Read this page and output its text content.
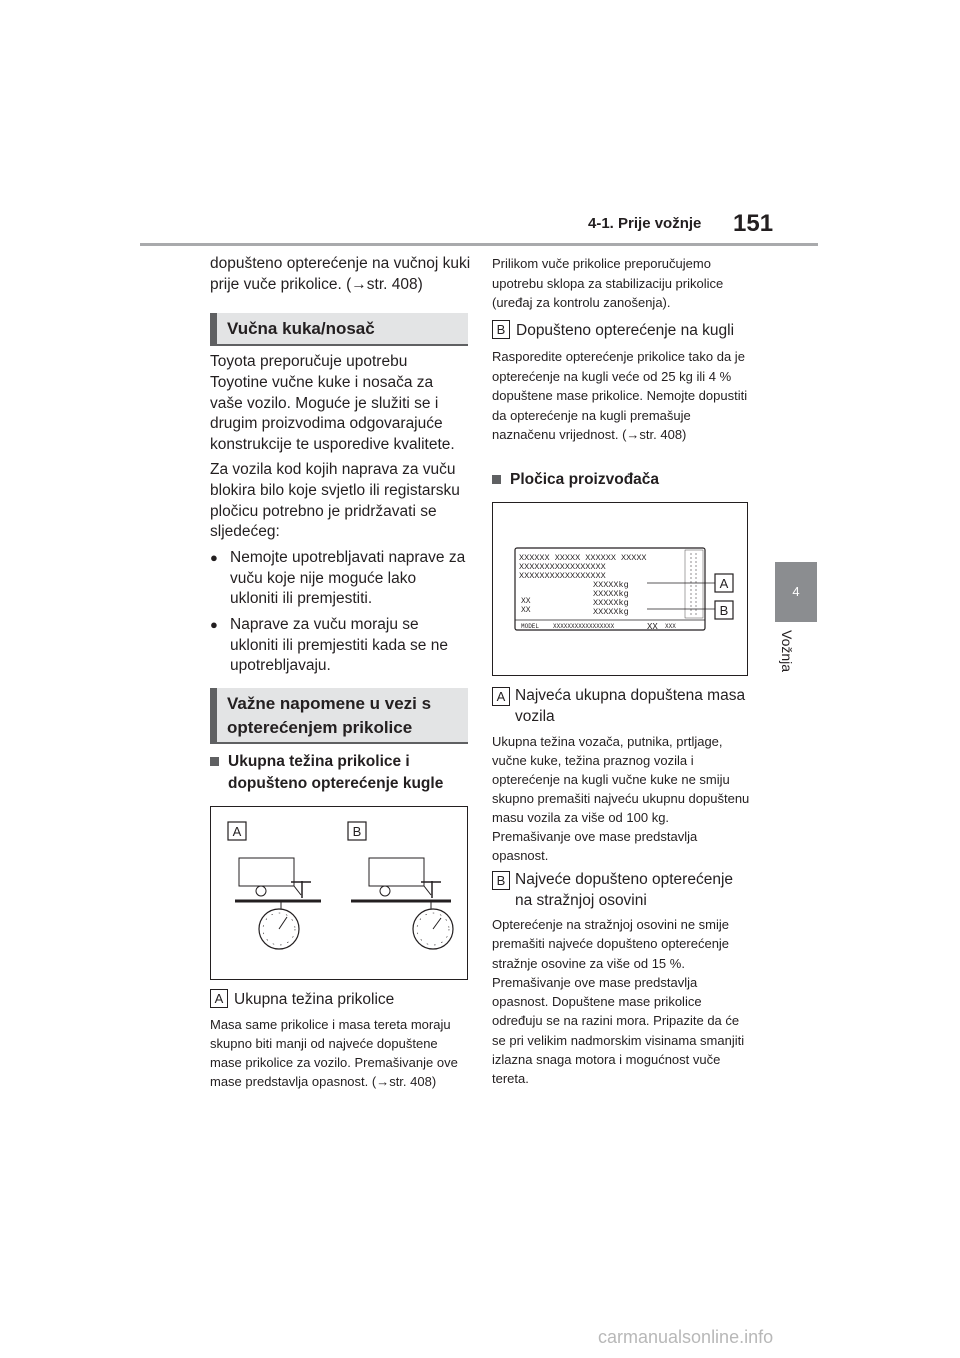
4-1. Prije vožnje 151
4
Vožnja

dopušteno opterećenje na vučnoj kuki prije vuče prikolice. (→str. 408)

Vučna kuka/nosač

Toyota preporučuje upotrebu Toyotine vučne kuke i nosača za vaše vozilo. Moguće je služiti se i drugim proizvodima odgovarajuće konstrukcije te usporedive kvalitete.

Za vozila kod kojih naprava za vuču blokira bilo koje svjetlo ili registarsku pločicu potrebno je pridržavati se sljedećeg:

● Nemojte upotrebljavati naprave za vuču koje nije moguće lako ukloniti ili premjestiti.
● Naprave za vuču moraju se ukloniti ili premjestiti kada se ne upotrebljavaju.
Važne napomene u vezi s opterećenjem prikolice
Ukupna težina prikolice i dopušteno opterećenje kugle
A	B
A Ukupna težina prikolice

Masa same prikolice i masa tereta moraju skupno biti manji od najveće dopuštene mase prikolice za vozilo. Premašivanje ove mase predstavlja opasnost. (→str. 408)

Prilikom vuče prikolice preporučujemo upotrebu sklopa za stabilizaciju prikolice (uređaj za kontrolu zanošenja).

B Dopušteno opterećenje na kugli

Rasporedite opterećenje prikolice tako da je opterećenje na kugli veće od 25 kg ili 4 % dopuštene mase prikolice. Nemojte dopustiti da opterećenje na kugli premašuje naznačenu vrijednost. (→str. 408)

Pločica proizvođača
XXXXXX XXXXX XXXXXX XXXXX
XXXXXXXXXXXXXXXXX
XXXXXXXXXXXXXXXXX
XXXXXkg
XXXXXkg
XXXXXkg
XXXXXkg
XX
XX
MODEL XXXXXXXXXXXXXXXXX	XX XXX
A
B
A Najveća ukupna dopuštena masa vozila

Ukupna težina vozača, putnika, prtljage, vučne kuke, težina praznog vozila i opterećenje na kugli vučne kuke ne smiju skupno premašiti najveću ukupnu dopuštenu masu vozila za više od 100 kg. Premašivanje ove mase predstavlja opasnost.

B Najveće dopušteno opterećenje na stražnjoj osovini

Opterećenje na stražnjoj osovini ne smije premašiti najveće dopušteno opterećenje stražnje osovine za više od 15 %. Premašivanje ove mase predstavlja opasnost. Dopuštene mase prikolice određuju se na razini mora. Pripazite da će se pri velikim nadmorskim visinama smanjiti izlazna snaga motora i mogućnost vuče tereta.

carmanualsonline.info
